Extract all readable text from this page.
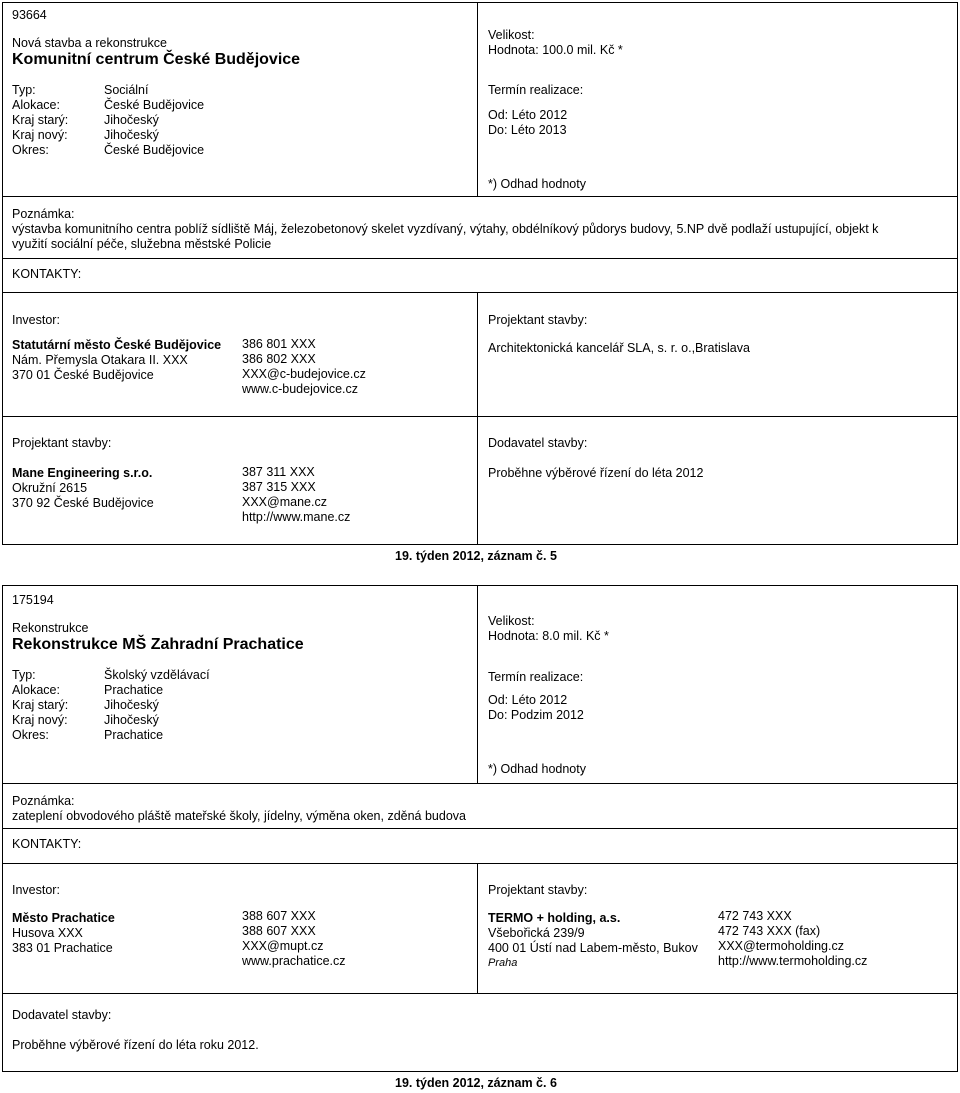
93664
Nová stavba a rekonstrukce
Komunitní centrum České Budějovice
Typ:	Sociální
Alokace:	České Budějovice
Kraj starý:	Jihočeský
Kraj nový:	Jihočeský
Okres:	České Budějovice
Velikost:
Hodnota: 100.0 mil. Kč *
Termín realizace:
Od: Léto 2012
Do: Léto 2013
*) Odhad hodnoty
Poznámka:
výstavba komunitního centra poblíž sídliště Máj, železobetonový skelet vyzdívaný, výtahy, obdélníkový půdorys budovy, 5.NP dvě podlaží ustupující, objekt k
využití sociální péče, služebna městské Policie
KONTAKTY:
Investor:
Statutární město České Budějovice
Nám. Přemysla Otakara II. XXX
370 01 České Budějovice
386 801 XXX
386 802 XXX
XXX@c-budejovice.cz
www.c-budejovice.cz
Projektant stavby:
Architektonická kancelář SLA, s. r. o.,Bratislava
Projektant stavby:
Mane Engineering s.r.o.
Okružní 2615
370 92 České Budějovice
387 311 XXX
387 315 XXX
XXX@mane.cz
http://www.mane.cz
Dodavatel stavby:
Proběhne výběrové řízení do léta 2012
19. týden 2012, záznam č. 5
175194
Rekonstrukce
Rekonstrukce MŠ Zahradní Prachatice
Typ:	Školský vzdělávací
Alokace:	Prachatice
Kraj starý:	Jihočeský
Kraj nový:	Jihočeský
Okres:	Prachatice
Velikost:
Hodnota: 8.0 mil. Kč *
Termín realizace:
Od: Léto 2012
Do: Podzim 2012
*) Odhad hodnoty
Poznámka:
zateplení obvodového pláště mateřské školy, jídelny, výměna oken, zděná budova
KONTAKTY:
Investor:
Město Prachatice
Husova XXX
383 01 Prachatice
388 607 XXX
388 607 XXX
XXX@mupt.cz
www.prachatice.cz
Projektant stavby:
TERMO + holding, a.s.
Všebořická 239/9
400 01 Ústí nad Labem-město, Bukov
Praha
472 743 XXX
472 743 XXX (fax)
XXX@termoholding.cz
http://www.termoholding.cz
Dodavatel stavby:
Proběhne výběrové řízení do léta roku 2012.
19. týden 2012, záznam č. 6
